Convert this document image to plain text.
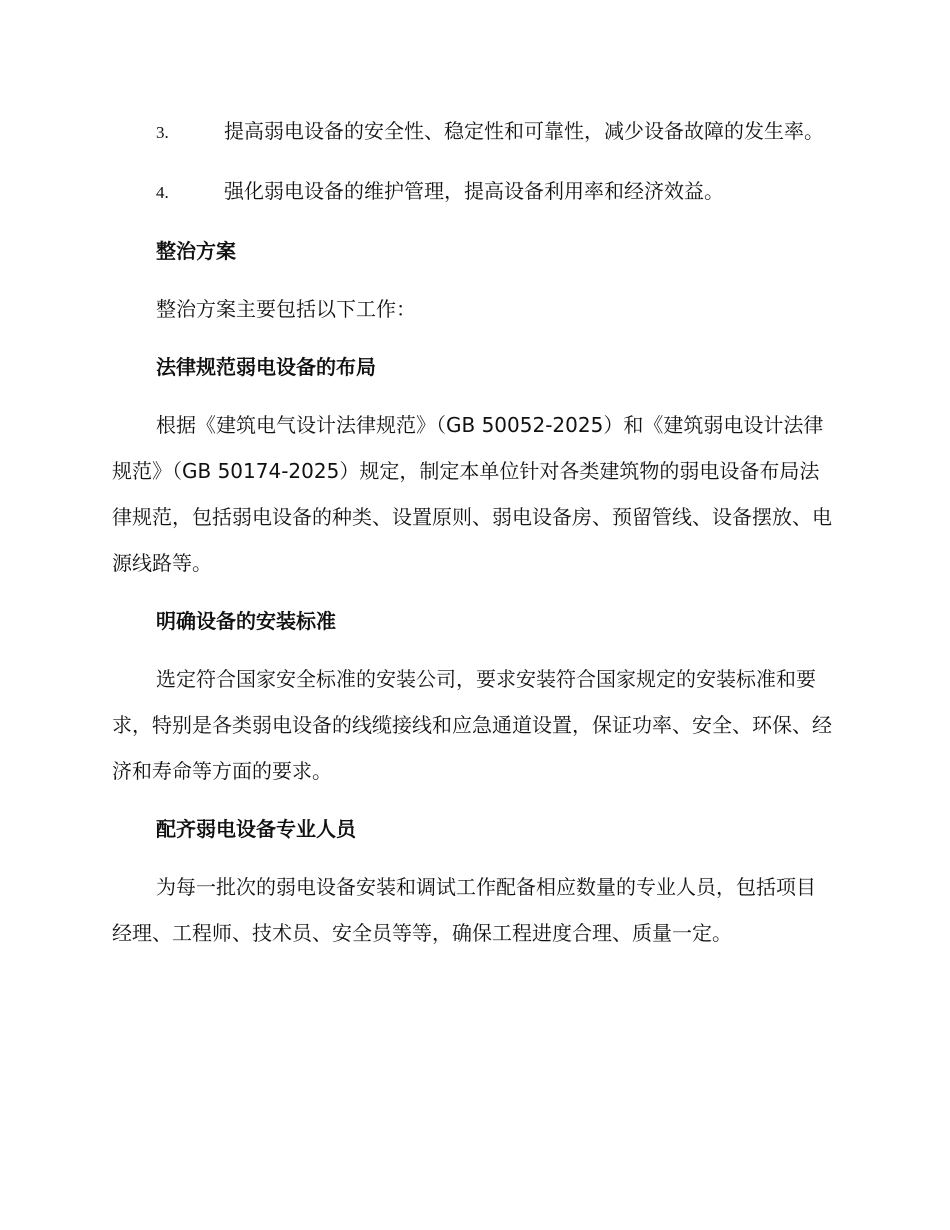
3.	提高弱电设备的安全性、稳定性和可靠性，减少设备故障的发生率。

4.	强化弱电设备的维护管理，提高设备利用率和经济效益。

整治方案

整治方案主要包括以下工作：

法律规范弱电设备的布局

根据《建筑电气设计法律规范》（GB 50052-2025）和《建筑弱电设计法律规范》（GB 50174-2025）规定，制定本单位针对各类建筑物的弱电设备布局法律规范，包括弱电设备的种类、设置原则、弱电设备房、预留管线、设备摆放、电源线路等。

明确设备的安装标准

选定符合国家安全标准的安装公司，要求安装符合国家规定的安装标准和要求，特别是各类弱电设备的线缆接线和应急通道设置，保证功率、安全、环保、经济和寿命等方面的要求。

配齐弱电设备专业人员

为每一批次的弱电设备安装和调试工作配备相应数量的专业人员，包括项目经理、工程师、技术员、安全员等等，确保工程进度合理、质量一定。
